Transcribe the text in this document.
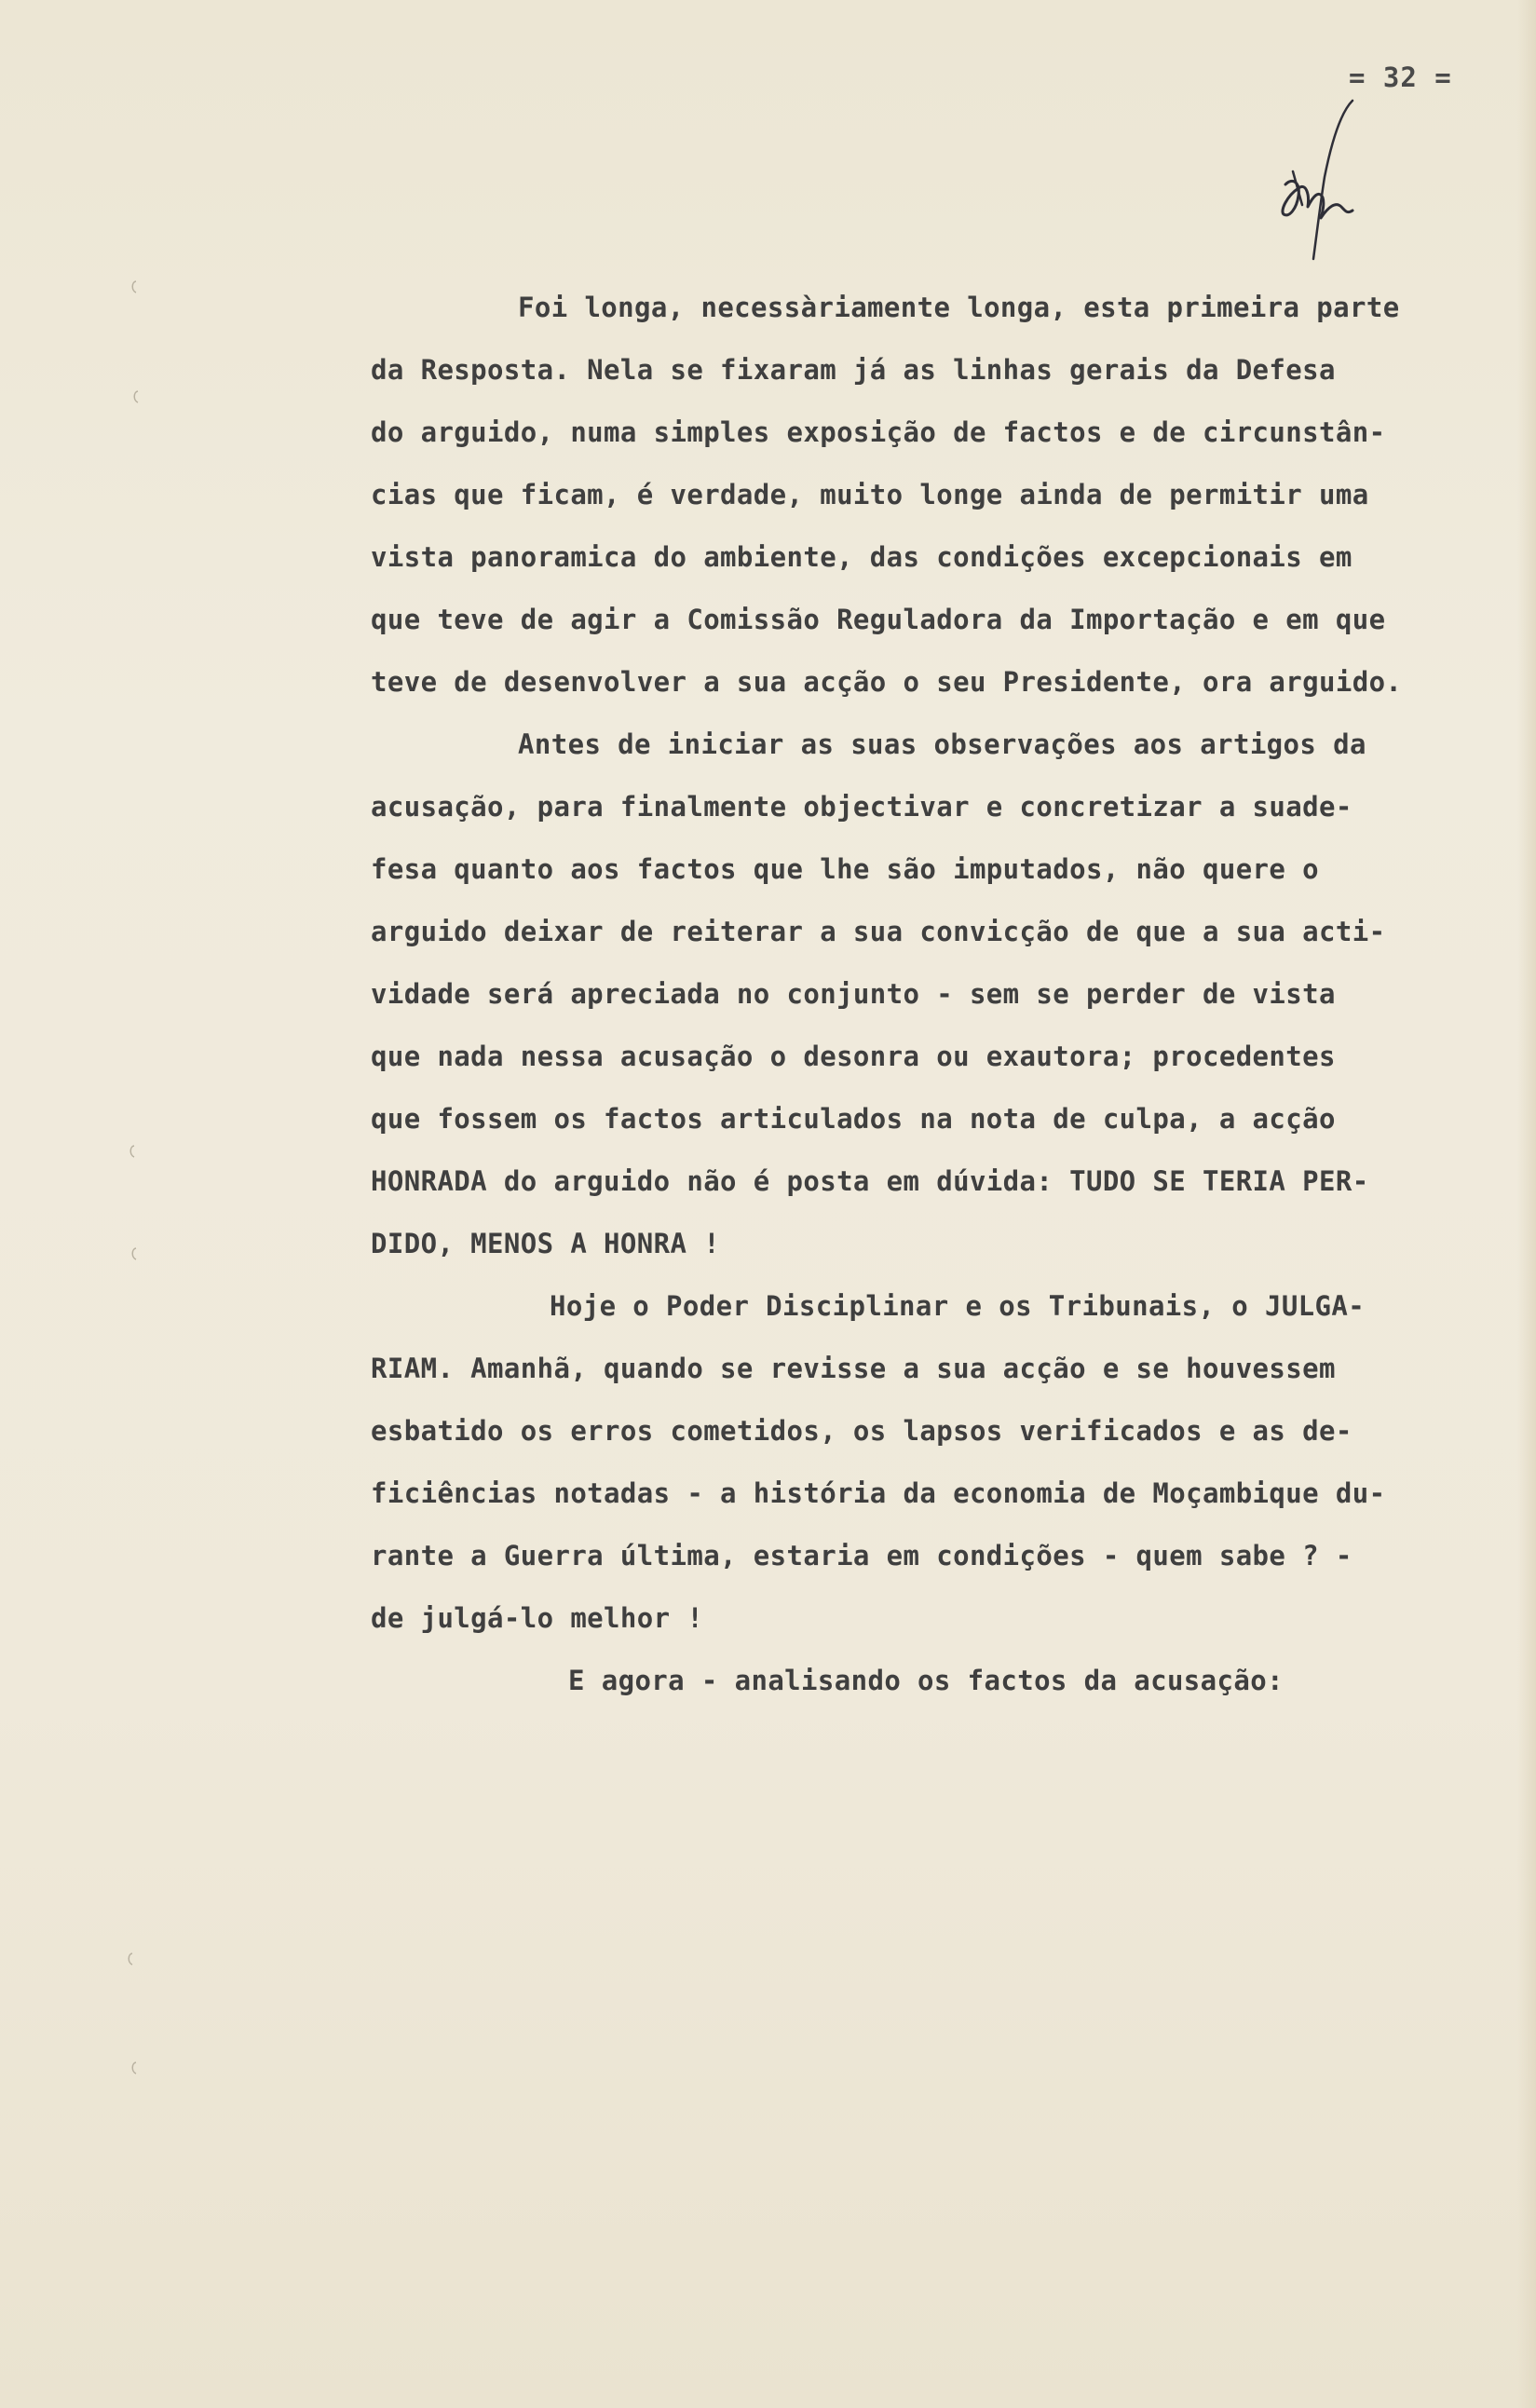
= 32 =
Foi longa, necessàriamente longa, esta primeira parte
da Resposta. Nela se fixaram já as linhas gerais da Defesa
do arguido, numa simples exposição de factos e de circunstân-
cias que ficam, é verdade, muito longe ainda de permitir uma
vista panoramica do ambiente, das condições excepcionais em
que teve de agir a Comissão Reguladora da Importação e em que
teve de desenvolver a sua acção o seu Presidente, ora arguido.
Antes de iniciar as suas observações aos artigos da
acusação, para finalmente objectivar e concretizar a suade-
fesa quanto aos factos que lhe são imputados, não quere o
arguido deixar de reiterar a sua convicção de que a sua acti-
vidade será apreciada no conjunto - sem se perder de vista
que nada nessa acusação o desonra ou exautora; procedentes
que fossem os factos articulados na nota de culpa, a acção
HONRADA do arguido não é posta em dúvida: TUDO SE TERIA PER-
DIDO, MENOS A HONRA !
Hoje o Poder Disciplinar e os Tribunais, o JULGA-
RIAM. Amanhã, quando se revisse a sua acção e se houvessem
esbatido os erros cometidos, os lapsos verificados e as de-
ficiências notadas - a história da economia de Moçambique du-
rante a Guerra última, estaria em condições - quem sabe ? -
de julgá-lo melhor !
E agora - analisando os factos da acusação:
